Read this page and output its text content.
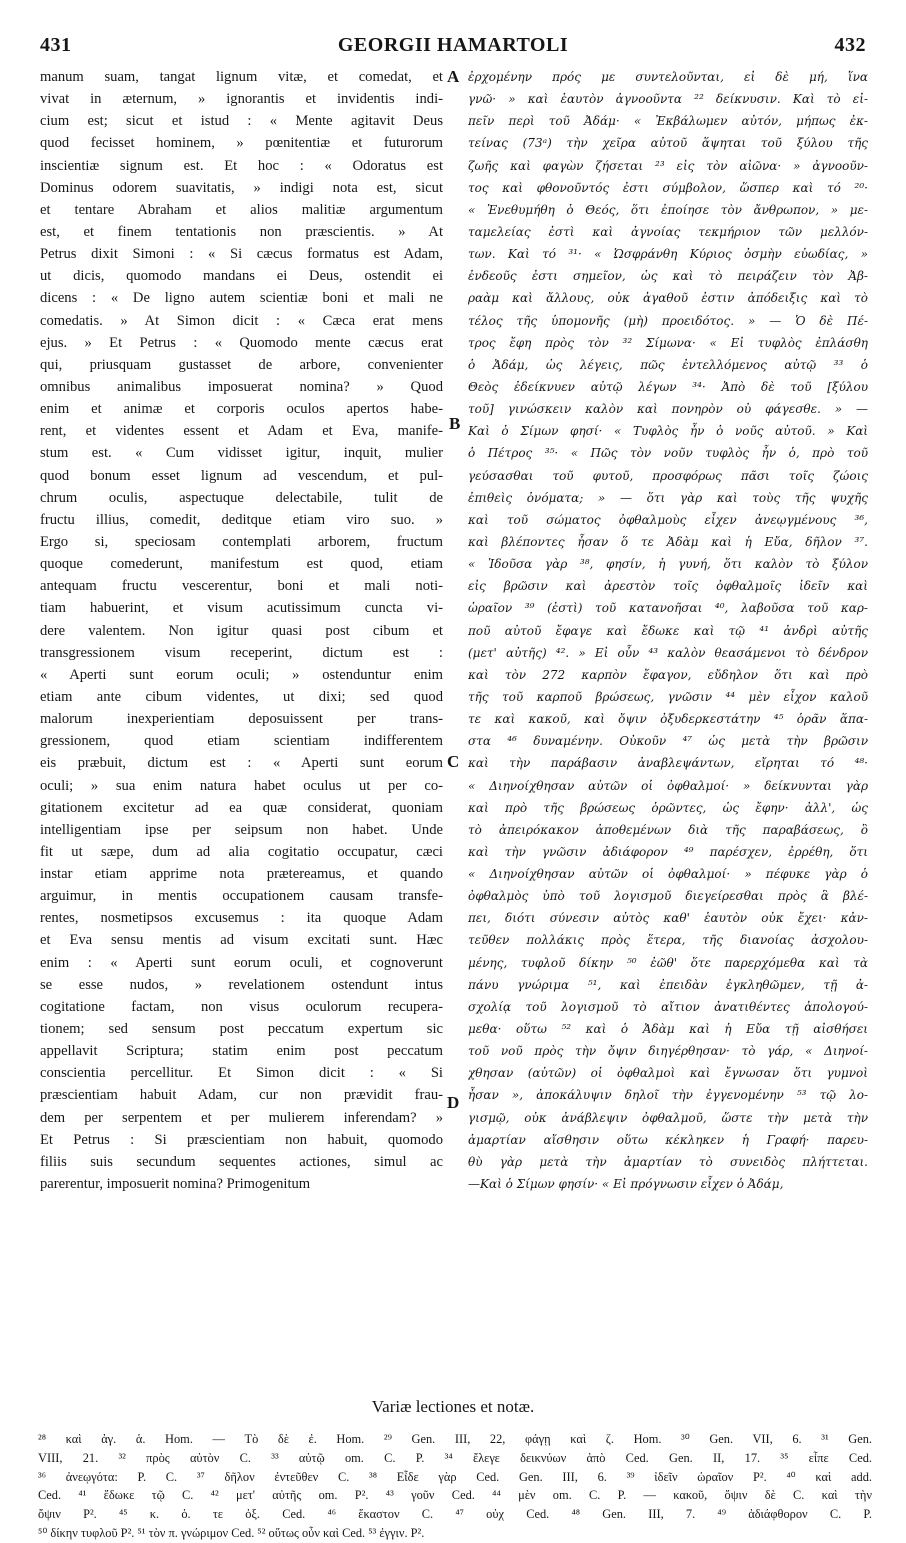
431	GEORGII HAMARTOLI	432
manum suam, tangat lignum vitæ, et comedat, et
vivat in æternum, » ignorantis et invidentis indi-
cium est; sicut et istud : « Mente agitavit Deus
quod fecisset hominem, » pœnitentiæ et futurorum
inscientiæ signum est. Et hoc : « Odoratus est
Dominus odorem suavitatis, » indigi nota est, sicut
et tentare Abraham et alios malitiæ argumentum
est, et finem tentationis non præscientis. » At
Petrus dixit Simoni : « Si cæcus formatus est Adam,
ut dicis, quomodo mandans ei Deus, ostendit ei
dicens : « De ligno autem scientiæ boni et mali ne
comedatis. » At Simon dicit : « Cæca erat mens
ejus. » Et Petrus : « Quomodo mente cæcus erat
qui, priusquam gustasset de arbore, convenienter
omnibus animalibus imposuerat nomina? » Quod
enim et animæ et corporis oculos apertos habe-
rent, et videntes essent et Adam et Eva, manife-
stum est. « Cum vidisset igitur, inquit, mulier
quod bonum esset lignum ad vescendum, et pul-
chrum oculis, aspectuque delectabile, tulit de
fructu illius, comedit, deditque etiam viro suo. »
Ergo si, speciosam contemplati arborem, fructum
quoque comederunt, manifestum est quod, etiam
antequam fructu vescerentur, boni et mali noti-
tiam habuerint, et visum acutissimum cuncta vi-
dere valentem. Non igitur quasi post cibum et
transgressionem visum receperint, dictum est :
« Aperti sunt eorum oculi; » ostenduntur enim
etiam ante cibum videntes, ut dixi; sed quod
malorum inexperientiam deposuissent per trans-
gressionem, quod etiam scientiam indifferentem
eis præbuit, dictum est : « Aperti sunt eorum
oculi; » sua enim natura habet oculus ut per co-
gitationem excitetur ad ea quæ considerat, quoniam
intelligentiam ipse per seipsum non habet. Unde
fit ut sæpe, dum ad alia cogitatio occupatur, cæci
instar etiam apprime nota prætereamus, et quando
arguimur, in mentis occupationem causam transfe-
rentes, nosmetipsos excusemus : ita quoque Adam
et Eva sensu mentis ad visum excitati sunt. Hæc
enim : « Aperti sunt eorum oculi, et cognoverunt
se esse nudos, » revelationem ostendunt intus
cogitatione factam, non visus oculorum recupera-
tionem; sed sensum post peccatum expertum sic
appellavit Scriptura; statim enim post peccatum
conscientia percellitur. Et Simon dicit : « Si
præscientiam habuit Adam, cur non prævidit frau-
dem per serpentem et per mulierem inferendam? »
Et Petrus : Si præscientiam non habuit, quomodo
filiis suis secundum sequentes actiones, simul ac
parerentur, imposuerit nomina? Primogenitum
ἐρχομένην πρός με συντελοῦνται, εἰ δὲ μή, ἵνα
γνῶ· » καὶ ἑαυτὸν ἀγνοοῦντα ²² δείκνυσιν. Καὶ τὸ εἰ-
πεῖν περὶ τοῦ Ἀδάμ· « Ἐκβάλωμεν αὐτόν, μήπως ἐκ-
τείνας (73ᵃ) τὴν χεῖρα αὐτοῦ ἅψηται τοῦ ξύλου τῆς
ζωῆς καὶ φαγὼν ζήσεται ²³ εἰς τὸν αἰῶνα· » ἀγνοοῦν-
τος καὶ φθονοῦντός ἐστι σύμβολον, ὥσπερ καὶ τό ²⁰·
« Ἐνεθυμήθη ὁ Θεός, ὅτι ἐποίησε τὸν ἄνθρωπον, » με-
ταμελείας ἐστὶ καὶ ἀγνοίας τεκμήριον τῶν μελλόν-
των. Καὶ τό ³¹· « Ὠσφράνθη Κύριος ὀσμὴν εὐωδίας, »
ἐνδεοῦς ἐστι σημεῖον, ὡς καὶ τὸ πειράζειν τὸν Ἀβ-
ραὰμ καὶ ἄλλους, οὐκ ἀγαθοῦ ἐστιν ἀπόδειξις καὶ τὸ
τέλος τῆς ὑπομονῆς (μὴ) προειδότος. » — Ὁ δὲ Πέ-
τρος ἔφη πρὸς τὸν ³² Σίμωνα· « Εἰ τυφλὸς ἐπλάσθη
ὁ Ἀδάμ, ὡς λέγεις, πῶς ἐντελλόμενος αὐτῷ ³³ ὁ
Θεὸς ἐδείκνυεν αὐτῷ λέγων ³⁴· Ἀπὸ δὲ τοῦ [ξύλου
τοῦ] γινώσκειν καλὸν καὶ πονηρὸν οὐ φάγεσθε. » —
Καὶ ὁ Σίμων φησί· « Τυφλὸς ἦν ὁ νοῦς αὐτοῦ. » Καὶ
ὁ Πέτρος ³⁵· « Πῶς τὸν νοῦν τυφλὸς ἦν ὁ, πρὸ τοῦ
γεύσασθαι τοῦ φυτοῦ, προσφόρως πᾶσι τοῖς ζώοις
ἐπιθεὶς ὀνόματα; » — ὅτι γὰρ καὶ τοὺς τῆς ψυχῆς
καὶ τοῦ σώματος ὀφθαλμοὺς εἶχεν ἀνεῳγμένους ³⁶,
καὶ βλέποντες ἦσαν ὅ τε Ἀδὰμ καὶ ἡ Εὔα, δῆλον ³⁷.
« Ἰδοῦσα γὰρ ³⁸, φησίν, ἡ γυνή, ὅτι καλὸν τὸ ξύλον
εἰς βρῶσιν καὶ ἀρεστὸν τοῖς ὀφθαλμοῖς ἰδεῖν καὶ
ὡραῖον ³⁹ (ἐστὶ) τοῦ κατανοῆσαι ⁴⁰, λαβοῦσα τοῦ καρ-
ποῦ αὐτοῦ ἔφαγε καὶ ἔδωκε καὶ τῷ ⁴¹ ἀνδρὶ αὐτῆς
(μετ' αὐτῆς) ⁴². » Εἰ οὖν ⁴³ καλὸν θεασάμενοι τὸ δένδρον
καὶ τὸν 272 καρπὸν ἔφαγον, εὔδηλον ὅτι καὶ πρὸ
τῆς τοῦ καρποῦ βρώσεως, γνῶσιν ⁴⁴ μὲν εἶχον καλοῦ
τε καὶ κακοῦ, καὶ ὄψιν ὀξυδερκεστάτην ⁴⁵ ὁρᾶν ἅπα-
στα ⁴⁶ δυναμένην. Οὐκοῦν ⁴⁷ ὡς μετὰ τὴν βρῶσιν
καὶ τὴν παράβασιν ἀναβλεψάντων, εἴρηται τό ⁴⁸·
« Διηνοίχθησαν αὐτῶν οἱ ὀφθαλμοί· » δείκνυνται γὰρ
καὶ πρὸ τῆς βρώσεως ὁρῶντες, ὡς ἔφην· ἀλλ', ὡς
τὸ ἀπειρόκακον ἀποθεμένων διὰ τῆς παραβάσεως, ὃ
καὶ τὴν γνῶσιν ἀδιάφορον ⁴⁹ παρέσχεν, ἐρρέθη, ὅτι
« Διηνοίχθησαν αὐτῶν οἱ ὀφθαλμοί· » πέφυκε γὰρ ὁ
ὀφθαλμὸς ὑπὸ τοῦ λογισμοῦ διεγείρεσθαι πρὸς ἃ βλέ-
πει, διότι σύνεσιν αὐτὸς καθ' ἑαυτὸν οὐκ ἔχει· κἀν-
τεῦθεν πολλάκις πρὸς ἕτερα, τῆς διανοίας ἀσχολου-
μένης, τυφλοῦ δίκην ⁵⁰ ἐῶθ' ὅτε παρερχόμεθα καὶ τὰ
πάνυ γνώριμα ⁵¹, καὶ ἐπειδὰν ἐγκληθῶμεν, τῇ ἀ-
σχολίᾳ τοῦ λογισμοῦ τὸ αἴτιον ἀνατιθέντες ἀπολογού-
μεθα· οὕτω ⁵² καὶ ὁ Ἀδὰμ καὶ ἡ Εὔα τῇ αἰσθήσει
τοῦ νοῦ πρὸς τὴν ὄψιν διηγέρθησαν· τὸ γάρ, « Διηνοί-
χθησαν (αὐτῶν) οἱ ὀφθαλμοὶ καὶ ἔγνωσαν ὅτι γυμνοὶ
ἦσαν », ἀποκάλυψιν δηλοῖ τὴν ἐγγενομένην ⁵³ τῷ λο-
γισμῷ, οὐκ ἀνάβλεψιν ὀφθαλμοῦ, ὥστε τὴν μετὰ τὴν
ἁμαρτίαν αἴσθησιν οὕτω κέκληκεν ἡ Γραφή· παρευ-
θὺ γὰρ μετὰ τὴν ἁμαρτίαν τὸ συνειδὸς πλήττεται.
—Καὶ ὁ Σίμων φησίν· « Εἰ πρόγνωσιν εἶχεν ὁ Ἀδάμ,
A
B
C
D
Variæ lectiones et notæ.
²⁸ καὶ ἀγ. ἁ. Hom. — Τὸ δὲ ἐ. Hom. ²⁹ Gen. III, 22, φάγῃ καὶ ζ. Hom. ³⁰ Gen. VII, 6. ³¹ Gen.
VIII, 21. ³² πρὸς αὐτὸν C. ³³ αὐτῷ om. C. P. ³⁴ ἔλεγε δεικνύων ἀπὸ Ced. Gen. II, 17. ³⁵ εἶπε Ced.
³⁶ ἀνεῳγότα: P. C. ³⁷ δῆλον ἐντεῦθεν C. ³⁸ Εἶδε γὰρ Ced. Gen. III, 6. ³⁹ ἰδεῖν ὡραῖον P². ⁴⁰ καὶ add.
Ced. ⁴¹ ἔδωκε τῷ C. ⁴² μετ' αὐτῆς om. P². ⁴³ γοῦν Ced. ⁴⁴ μὲν om. C. P. — κακοῦ, ὄψιν δὲ C. καὶ τὴν
ὄψιν P². ⁴⁵ κ. ὁ. τε ὀξ. Ced. ⁴⁶ ἕκαστον C. ⁴⁷ οὐχ Ced. ⁴⁸ Gen. III, 7. ⁴⁹ ἀδιάφθορον C. P.
⁵⁰ δίκην τυφλοῦ P². ⁵¹ τὸν π. γνώριμον Ced. ⁵² οὕτως οὖν καὶ Ced. ⁵³ ἐγγιν. P².
